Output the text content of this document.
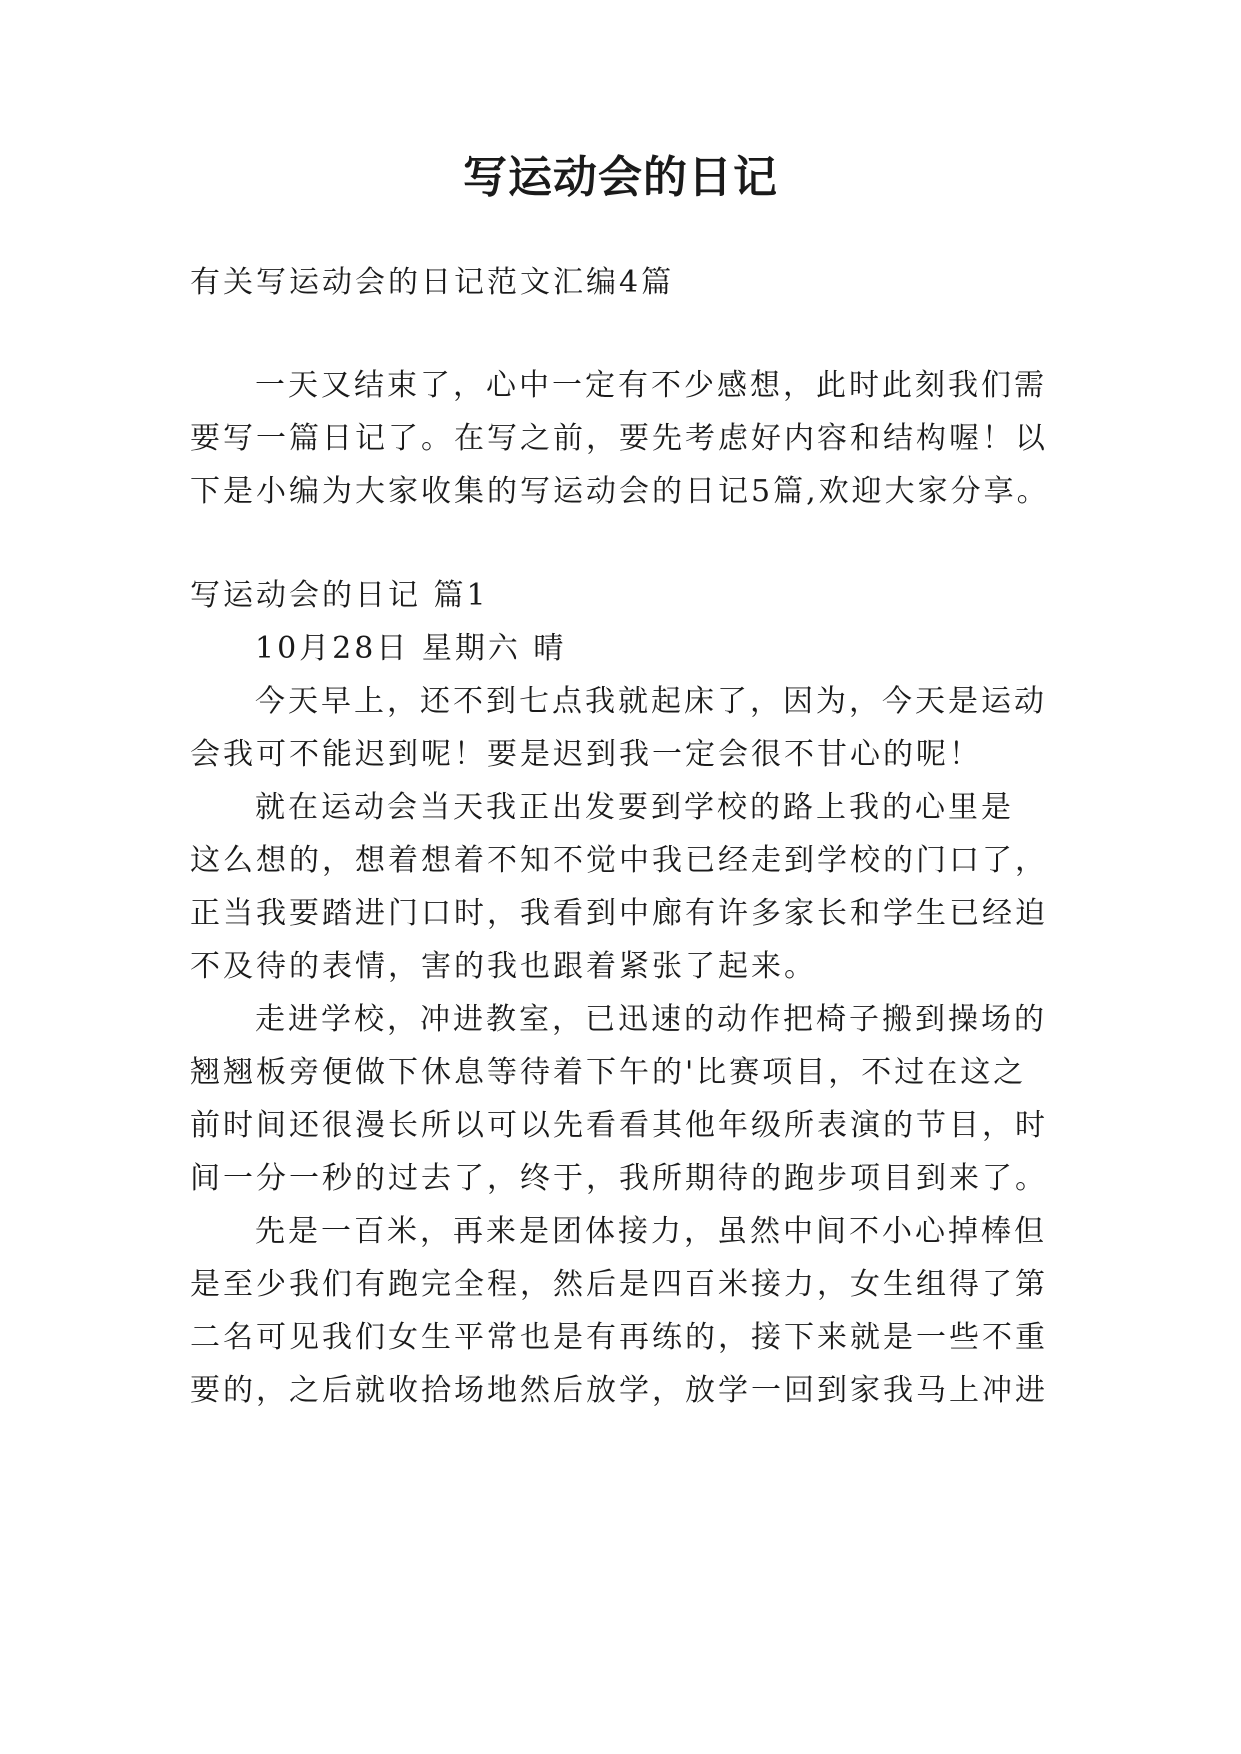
写运动会的日记

有关写运动会的日记范文汇编4篇

一天又结束了，心中一定有不少感想，此时此刻我们需

要写一篇日记了。在写之前，要先考虑好内容和结构喔！以

下是小编为大家收集的写运动会的日记5篇,欢迎大家分享。

写运动会的日记 篇1

10月28日 星期六 晴

今天早上，还不到七点我就起床了，因为，今天是运动

会我可不能迟到呢！要是迟到我一定会很不甘心的呢！

就在运动会当天我正出发要到学校的路上我的心里是

这么想的，想着想着不知不觉中我已经走到学校的门口了，

正当我要踏进门口时，我看到中廊有许多家长和学生已经迫

不及待的表情，害的我也跟着紧张了起来。

走进学校，冲进教室，已迅速的动作把椅子搬到操场的

翘翘板旁便做下休息等待着下午的'比赛项目，不过在这之

前时间还很漫长所以可以先看看其他年级所表演的节目，时

间一分一秒的过去了，终于，我所期待的跑步项目到来了。

先是一百米，再来是团体接力，虽然中间不小心掉棒但

是至少我们有跑完全程，然后是四百米接力，女生组得了第

二名可见我们女生平常也是有再练的，接下来就是一些不重

要的，之后就收拾场地然后放学，放学一回到家我马上冲进
